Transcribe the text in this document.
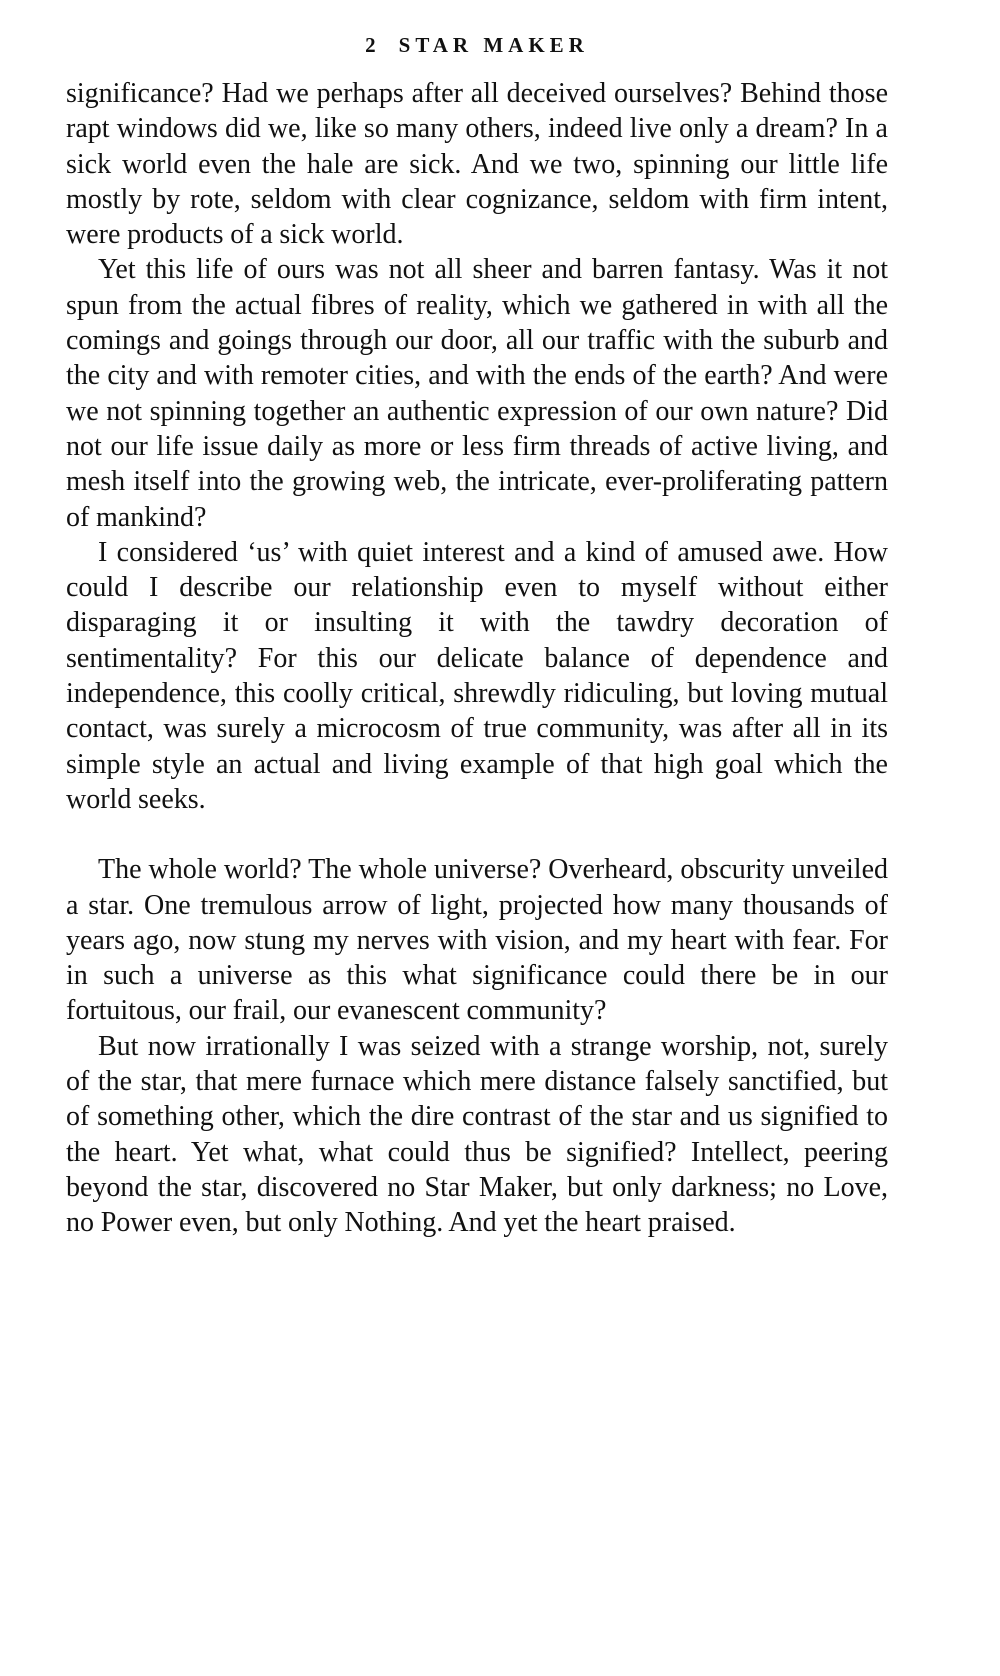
2 STAR MAKER

significance? Had we perhaps after all deceived ourselves? Behind those rapt windows did we, like so many others, indeed live only a dream? In a sick world even the hale are sick. And we two, spinning our little life mostly by rote, seldom with clear cognizance, seldom with firm intent, were products of a sick world.

Yet this life of ours was not all sheer and barren fantasy. Was it not spun from the actual fibres of reality, which we gathered in with all the comings and goings through our door, all our traffic with the suburb and the city and with remoter cities, and with the ends of the earth? And were we not spinning together an authentic expression of our own nature? Did not our life issue daily as more or less firm threads of active living, and mesh itself into the growing web, the intricate, ever-proliferating pattern of mankind?

I considered ‘us’ with quiet interest and a kind of amused awe. How could I describe our relationship even to myself without either disparaging it or insulting it with the tawdry decoration of sentimentality? For this our delicate balance of dependence and independence, this coolly critical, shrewdly ridiculing, but loving mutual contact, was surely a microcosm of true community, was after all in its simple style an actual and living example of that high goal which the world seeks.

The whole world? The whole universe? Overheard, obscurity unveiled a star. One tremulous arrow of light, projected how many thousands of years ago, now stung my nerves with vision, and my heart with fear. For in such a universe as this what significance could there be in our fortuitous, our frail, our evanescent community?

But now irrationally I was seized with a strange worship, not, surely of the star, that mere furnace which mere distance falsely sanctified, but of something other, which the dire contrast of the star and us signified to the heart. Yet what, what could thus be signified? Intellect, peering beyond the star, discovered no Star Maker, but only darkness; no Love, no Power even, but only Nothing. And yet the heart praised.
